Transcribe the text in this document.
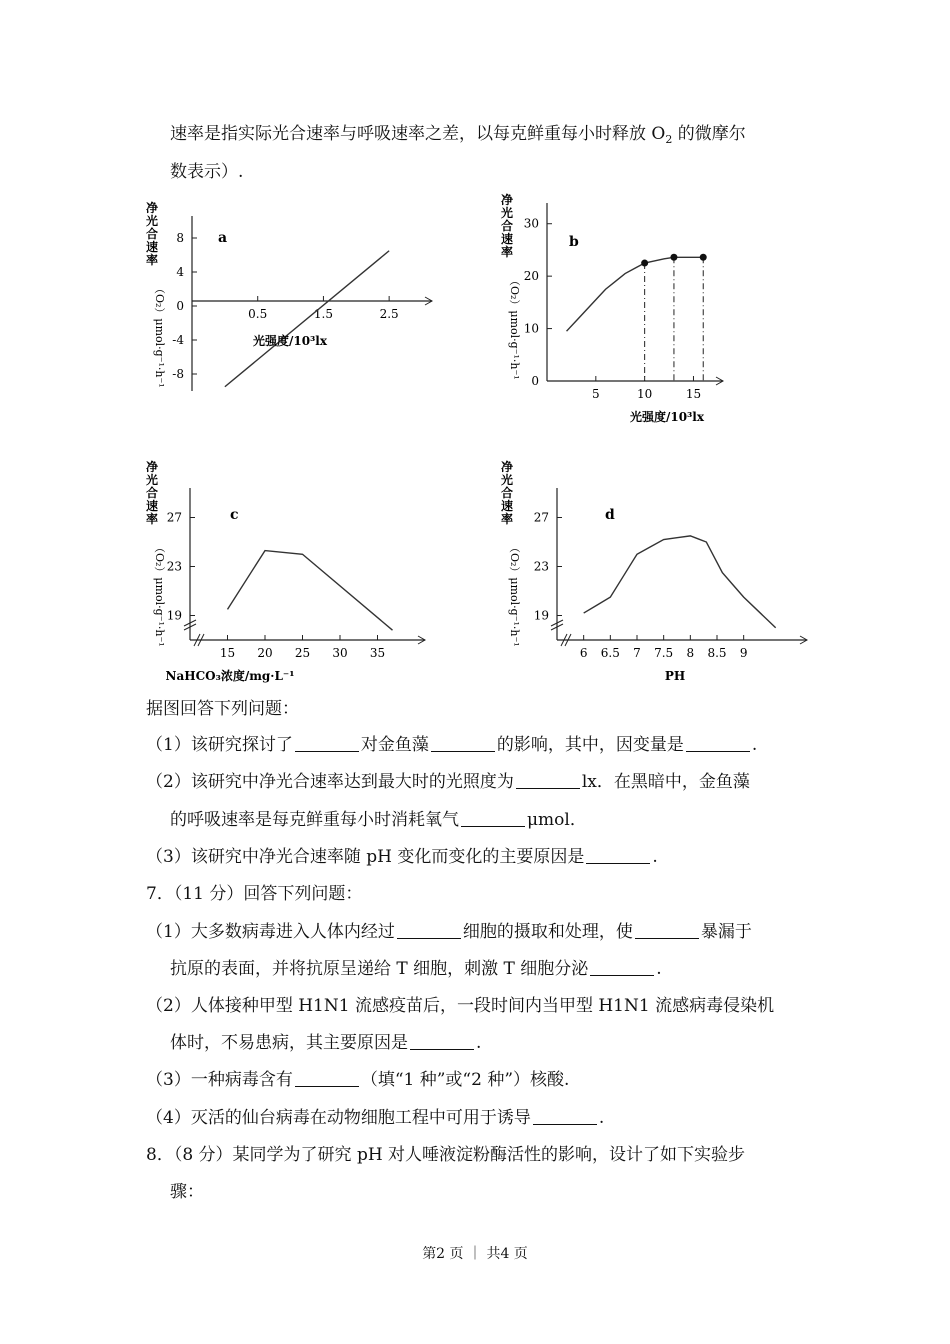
速率是指实际光合速率与呼吸速率之差，以每克鲜重每小时释放 $O_2$ 的微摩尔
数表示）.
净
光
合
速
率
（O₂）μmol·g⁻¹·h⁻¹
8
4
0
-4
-8
0.5	1.5	2.5
a
光强度/10³lx
净
光
合
速
率
（O₂）μmol·g⁻¹·h⁻¹
30
20
10
0
5	10	15
b
光强度/10³lx
净
光
合
速
率
（O₂）μmol·g⁻¹·h⁻¹
27
23
19
15 20 25 30 35
c
NaHCO₃浓度/mg·L⁻¹
净
光
合
速
率
（O₂）μmol·g⁻¹·h⁻¹
27
23
19
6 6.5 7 7.5 8 8.5 9
d
PH
据图回答下列问题：
（1）该研究探讨了	对金鱼藻	的影响，其中，因变量是	.
（2）该研究中净光合速率达到最大时的光照度为	lx．在黑暗中，金鱼藻
的呼吸速率是每克鲜重每小时消耗氧气	μmol．
（3）该研究中净光合速率随 pH 变化而变化的主要原因是	.
7．（11 分）回答下列问题：
（1）大多数病毒进入人体内经过	细胞的摄取和处理，使	暴漏于
抗原的表面，并将抗原呈递给 T 细胞，刺激 T 细胞分泌	.
（2）人体接种甲型 H1N1 流感疫苗后，一段时间内当甲型 H1N1 流感病毒侵染机
体时，不易患病，其主要原因是	.
（3）一种病毒含有	（填“1 种”或“2 种”）核酸.
（4）灭活的仙台病毒在动物细胞工程中可用于诱导	.
8．（8 分）某同学为了研究 pH 对人唾液淀粉酶活性的影响，设计了如下实验步
骤：
第2 页 ｜ 共4 页
